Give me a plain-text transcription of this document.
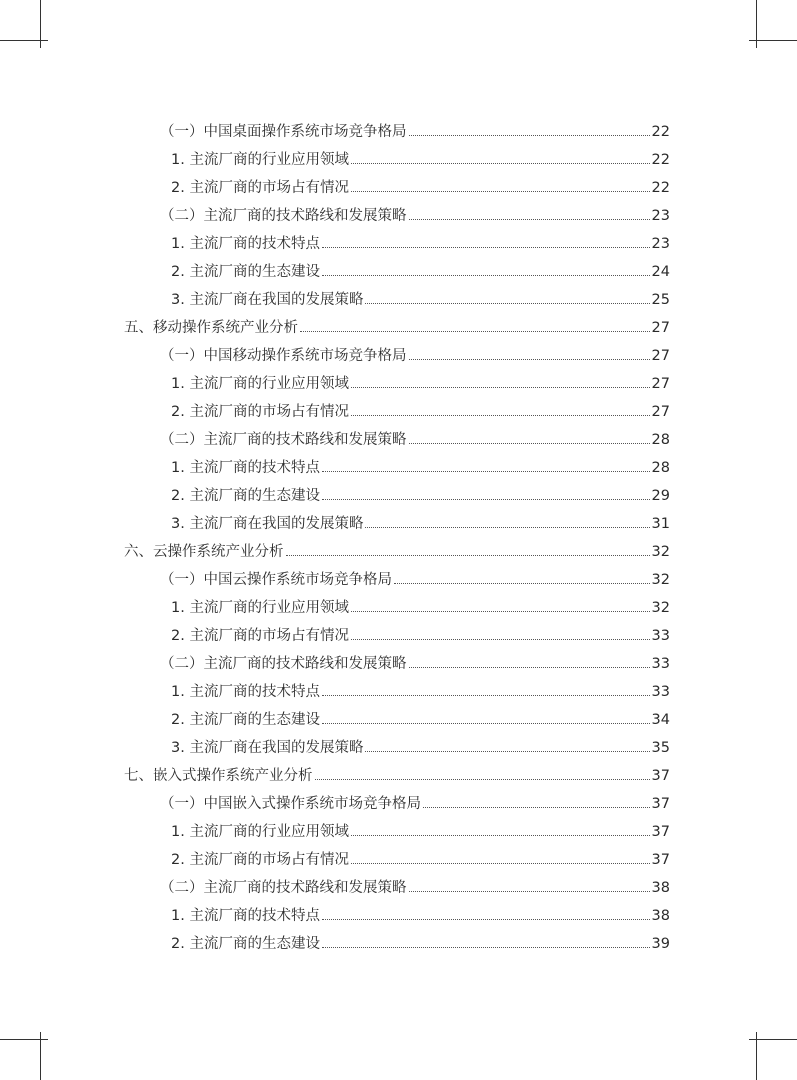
（一）中国桌面操作系统市场竞争格局	22
1. 主流厂商的行业应用领域	22
2. 主流厂商的市场占有情况	22
（二）主流厂商的技术路线和发展策略	23
1. 主流厂商的技术特点	23
2. 主流厂商的生态建设	24
3. 主流厂商在我国的发展策略	25
五、移动操作系统产业分析	27
（一）中国移动操作系统市场竞争格局	27
1. 主流厂商的行业应用领域	27
2. 主流厂商的市场占有情况	27
（二）主流厂商的技术路线和发展策略	28
1. 主流厂商的技术特点	28
2. 主流厂商的生态建设	29
3. 主流厂商在我国的发展策略	31
六、云操作系统产业分析	32
（一）中国云操作系统市场竞争格局	32
1. 主流厂商的行业应用领域	32
2. 主流厂商的市场占有情况	33
（二）主流厂商的技术路线和发展策略	33
1. 主流厂商的技术特点	33
2. 主流厂商的生态建设	34
3. 主流厂商在我国的发展策略	35
七、嵌入式操作系统产业分析	37
（一）中国嵌入式操作系统市场竞争格局	37
1. 主流厂商的行业应用领域	37
2. 主流厂商的市场占有情况	37
（二）主流厂商的技术路线和发展策略	38
1. 主流厂商的技术特点	38
2. 主流厂商的生态建设	39
